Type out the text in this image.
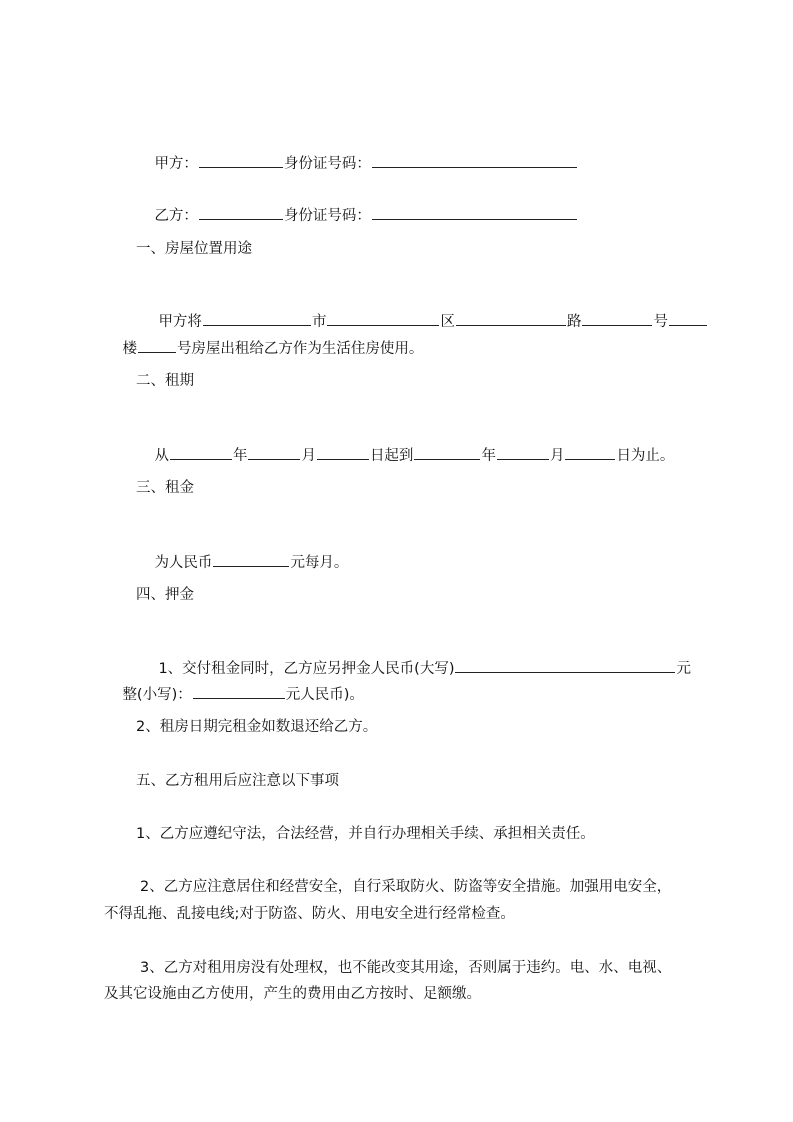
甲方：	身份证号码：

乙方：	身份证号码：

一、房屋位置用途

甲方将	市	区	路	号

楼	号房屋出租给乙方作为生活住房使用。

二、租期

从	年	月	日起到	年	月	日为止。

三、租金

为人民币	元每月。

四、押金

1、交付租金同时，乙方应另押金人民币(大写)	元

整(小写)：	元人民币)。

2、租房日期完租金如数退还给乙方。
五、乙方租用后应注意以下事项
1、乙方应遵纪守法，合法经营，并自行办理相关手续、承担相关责任。
2、乙方应注意居住和经营安全，自行采取防火、防盗等安全措施。加强用电安全，
不得乱拖、乱接电线;对于防盗、防火、用电安全进行经常检查。
3、乙方对租用房没有处理权，也不能改变其用途，否则属于违约。电、水、电视、
及其它设施由乙方使用，产生的费用由乙方按时、足额缴。
